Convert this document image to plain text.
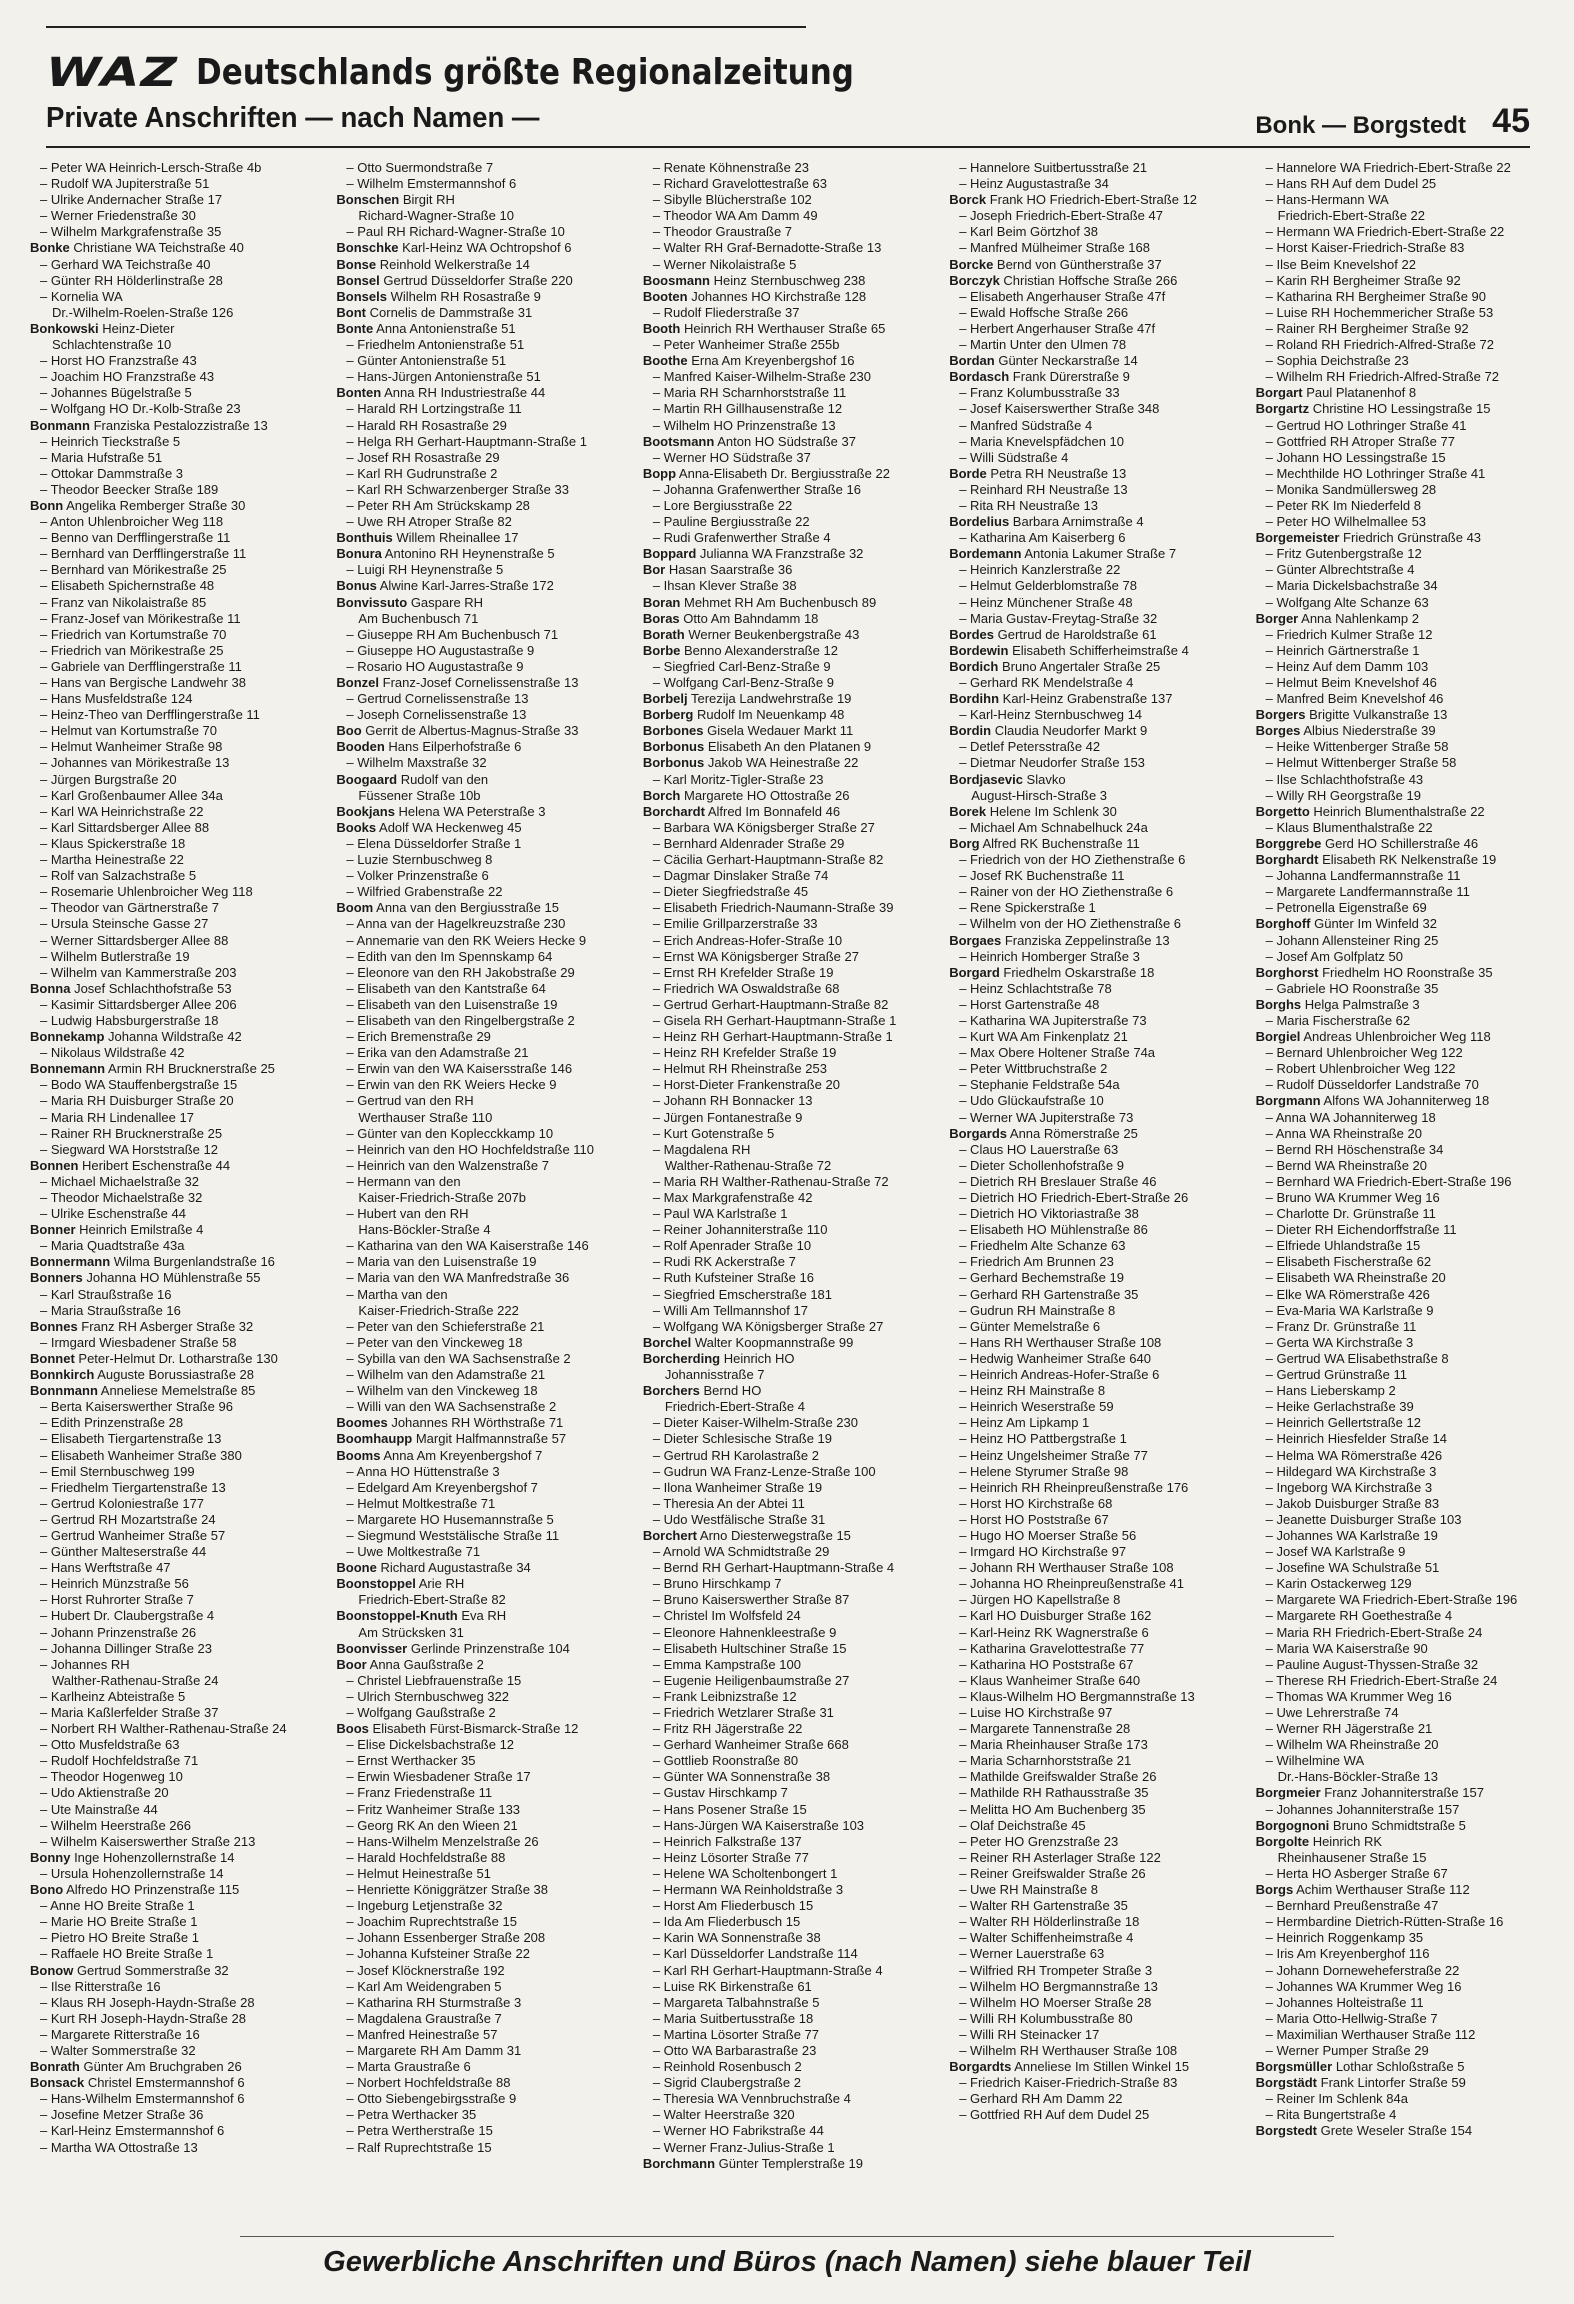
WAZ Deutschlands größte Regionalzeitung
Private Anschriften — nach Namen —	Bonk — Borgstedt 45
– Peter WA Heinrich-Lersch-Straße 4b
– Rudolf WA Jupiterstraße 51
– Ulrike Andernacher Straße 17
– Werner Friedenstraße 30
– Wilhelm Markgrafenstraße 35
Bonke Christiane WA Teichstraße 40
– Gerhard WA Teichstraße 40
– Günter RH Hölderlinstraße 28
– Kornelia WA
Dr.-Wilhelm-Roelen-Straße 126
Bonkowski Heinz-Dieter
Schlachtenstraße 10
– Horst HO Franzstraße 43
– Joachim HO Franzstraße 43
– Johannes Bügelstraße 5
– Wolfgang HO Dr.-Kolb-Straße 23
Bonmann Franziska Pestalozzistraße 13
– Heinrich Tieckstraße 5
– Maria Hufstraße 51
– Ottokar Dammstraße 3
– Theodor Beecker Straße 189
Bonn Angelika Remberger Straße 30
– Anton Uhlenbroicher Weg 118
– Benno van Derfflingerstraße 11
– Bernhard van Derfflingerstraße 11
– Bernhard van Mörikestraße 25
– Elisabeth Spichernstraße 48
– Franz van Nikolaistraße 85
– Franz-Josef van Mörikestraße 11
– Friedrich van Kortumstraße 70
– Friedrich van Mörikestraße 25
– Gabriele van Derfflingerstraße 11
– Hans van Bergische Landwehr 38
– Hans Musfeldstraße 124
– Heinz-Theo van Derfflingerstraße 11
– Helmut van Kortumstraße 70
– Helmut Wanheimer Straße 98
– Johannes van Mörikestraße 13
– Jürgen Burgstraße 20
– Karl Großenbaumer Allee 34a
– Karl WA Heinrichstraße 22
– Karl Sittardsberger Allee 88
– Klaus Spickerstraße 18
– Martha Heinestraße 22
– Rolf van Salzachstraße 5
– Rosemarie Uhlenbroicher Weg 118
– Theodor van Gärtnerstraße 7
– Ursula Steinsche Gasse 27
– Werner Sittardsberger Allee 88
– Wilhelm Butlerstraße 19
– Wilhelm van Kammerstraße 203
Bonna Josef Schlachthofstraße 53
– Kasimir Sittardsberger Allee 206
– Ludwig Habsburgerstraße 18
Bonnekamp Johanna Wildstraße 42
– Nikolaus Wildstraße 42
Bonnemann Armin RH Brucknerstraße 25
– Bodo WA Stauffenbergstraße 15
– Maria RH Duisburger Straße 20
– Maria RH Lindenallee 17
– Rainer RH Brucknerstraße 25
– Siegward WA Horststraße 12
Bonnen Heribert Eschenstraße 44
– Michael Michaelstraße 32
– Theodor Michaelstraße 32
– Ulrike Eschenstraße 44
Bonner Heinrich Emilstraße 4
– Maria Quadtstraße 43a
Bonnermann Wilma Burgenlandstraße 16
Bonners Johanna HO Mühlenstraße 55
– Karl Straußstraße 16
– Maria Straußstraße 16
Bonnes Franz RH Asberger Straße 32
– Irmgard Wiesbadener Straße 58
Bonnet Peter-Helmut Dr. Lotharstraße 130
Bonnkirch Auguste Borussiastraße 28
Bonnmann Anneliese Memelstraße 85
– Berta Kaiserswerther Straße 96
– Edith Prinzenstraße 28
– Elisabeth Tiergartenstraße 13
– Elisabeth Wanheimer Straße 380
– Emil Sternbuschweg 199
– Friedhelm Tiergartenstraße 13
– Gertrud Koloniestraße 177
– Gertrud RH Mozartstraße 24
– Gertrud Wanheimer Straße 57
– Günther Malteserstraße 44
– Hans Werftstraße 47
– Heinrich Münzstraße 56
– Horst Ruhrorter Straße 7
– Hubert Dr. Claubergstraße 4
– Johann Prinzenstraße 26
– Johanna Dillinger Straße 23
– Johannes RH
Walther-Rathenau-Straße 24
– Karlheinz Abteistraße 5
– Maria Kaßlerfelder Straße 37
– Norbert RH Walther-Rathenau-Straße 24
– Otto Musfeldstraße 63
– Rudolf Hochfeldstraße 71
– Theodor Hogenweg 10
– Udo Aktienstraße 20
– Ute Mainstraße 44
– Wilhelm Heerstraße 266
– Wilhelm Kaiserswerther Straße 213
Bonny Inge Hohenzollernstraße 14
– Ursula Hohenzollernstraße 14
Bono Alfredo HO Prinzenstraße 115
– Anne HO Breite Straße 1
– Marie HO Breite Straße 1
– Pietro HO Breite Straße 1
– Raffaele HO Breite Straße 1
Bonow Gertrud Sommerstraße 32
– Ilse Ritterstraße 16
– Klaus RH Joseph-Haydn-Straße 28
– Kurt RH Joseph-Haydn-Straße 28
– Margarete Ritterstraße 16
– Walter Sommerstraße 32
Bonrath Günter Am Bruchgraben 26
Bonsack Christel Emstermannshof 6
– Hans-Wilhelm Emstermannshof 6
– Josefine Metzer Straße 36
– Karl-Heinz Emstermannshof 6
– Martha WA Ottostraße 13
– Otto Suermondstraße 7
– Wilhelm Emstermannshof 6
Bonschen Birgit RH
Richard-Wagner-Straße 10
– Paul RH Richard-Wagner-Straße 10
Bonschke Karl-Heinz WA Ochtropshof 6
Bonse Reinhold Welkerstraße 14
Bonsel Gertrud Düsseldorfer Straße 220
Bonsels Wilhelm RH Rosastraße 9
Bont Cornelis de Dammstraße 31
Bonte Anna Antonienstraße 51
– Friedhelm Antonienstraße 51
– Günter Antonienstraße 51
– Hans-Jürgen Antonienstraße 51
Bonten Anna RH Industriestraße 44
– Harald RH Lortzingstraße 11
– Harald RH Rosastraße 29
– Helga RH Gerhart-Hauptmann-Straße 1
– Josef RH Rosastraße 29
– Karl RH Gudrunstraße 2
– Karl RH Schwarzenberger Straße 33
– Peter RH Am Strückskamp 28
– Uwe RH Atroper Straße 82
Bonthuis Willem Rheinallee 17
Bonura Antonino RH Heynenstraße 5
– Luigi RH Heynenstraße 5
Bonus Alwine Karl-Jarres-Straße 172
Bonvissuto Gaspare RH
Am Buchenbusch 71
– Giuseppe RH Am Buchenbusch 71
– Giuseppe HO Augustastraße 9
– Rosario HO Augustastraße 9
Bonzel Franz-Josef Cornelissenstraße 13
– Gertrud Cornelissenstraße 13
– Joseph Cornelissenstraße 13
Boo Gerrit de Albertus-Magnus-Straße 33
Booden Hans Eilperhofstraße 6
– Wilhelm Maxstraße 32
Boogaard Rudolf van den
Füssener Straße 10b
Bookjans Helena WA Peterstraße 3
Books Adolf WA Heckenweg 45
– Elena Düsseldorfer Straße 1
– Luzie Sternbuschweg 8
– Volker Prinzenstraße 6
– Wilfried Grabenstraße 22
Boom Anna van den Bergiusstraße 15
– Anna van der Hagelkreuzstraße 230
– Annemarie van den RK Weiers Hecke 9
– Edith van den Im Spennskamp 64
– Eleonore van den RH Jakobstraße 29
– Elisabeth van den Kantstraße 64
– Elisabeth van den Luisenstraße 19
– Elisabeth van den Ringelbergstraße 2
– Erich Bremenstraße 29
– Erika van den Adamstraße 21
– Erwin van den WA Kaisersstraße 146
– Erwin van den RK Weiers Hecke 9
– Gertrud van den RH
Werthauser Straße 110
– Günter van den Koplecckkamp 10
– Heinrich van den HO Hochfeldstraße 110
– Heinrich van den Walzenstraße 7
– Hermann van den
Kaiser-Friedrich-Straße 207b
– Hubert van den RH
Hans-Böckler-Straße 4
– Katharina van den WA Kaiserstraße 146
– Maria van den Luisenstraße 19
– Maria van den WA Manfredstraße 36
– Martha van den
Kaiser-Friedrich-Straße 222
– Peter van den Schieferstraße 21
– Peter van den Vinckeweg 18
– Sybilla van den WA Sachsenstraße 2
– Wilhelm van den Adamstraße 21
– Wilhelm van den Vinckeweg 18
– Willi van den WA Sachsenstraße 2
Boomes Johannes RH Wörthstraße 71
Boomhaupp Margit Halfmannstraße 57
Booms Anna Am Kreyenbergshof 7
– Anna HO Hüttenstraße 3
– Edelgard Am Kreyenbergshof 7
– Helmut Moltkestraße 71
– Margarete HO Husemannstraße 5
– Siegmund Weststälische Straße 11
– Uwe Moltkestraße 71
Boone Richard Augustastraße 34
Boonstoppel Arie RH
Friedrich-Ebert-Straße 82
Boonstoppel-Knuth Eva RH
Am Strücksken 31
Boonvisser Gerlinde Prinzenstraße 104
Boor Anna Gaußstraße 2
– Christel Liebfrauenstraße 15
– Ulrich Sternbuschweg 322
– Wolfgang Gaußstraße 2
Boos Elisabeth Fürst-Bismarck-Straße 12
– Elise Dickelsbachstraße 12
– Ernst Werthacker 35
– Erwin Wiesbadener Straße 17
– Franz Friedenstraße 11
– Fritz Wanheimer Straße 133
– Georg RK An den Wieen 21
– Hans-Wilhelm Menzelstraße 26
– Harald Hochfeldstraße 88
– Helmut Heinestraße 51
– Henriette Königgrätzer Straße 38
– Ingeburg Letjenstraße 32
– Joachim Ruprechtstraße 15
– Johann Essenberger Straße 208
– Johanna Kufsteiner Straße 22
– Josef Klöcknerstraße 192
– Karl Am Weidengraben 5
– Katharina RH Sturmstraße 3
– Magdalena Graustraße 7
– Manfred Heinestraße 57
– Margarete RH Am Damm 31
– Marta Graustraße 6
– Norbert Hochfeldstraße 88
– Otto Siebengebirgsstraße 9
– Petra Werthacker 35
– Petra Wertherstraße 15
– Ralf Ruprechtstraße 15
– Renate Köhnenstraße 23
– Richard Gravelottestraße 63
– Sibylle Blücherstraße 102
– Theodor WA Am Damm 49
– Theodor Graustraße 7
– Walter RH Graf-Bernadotte-Straße 13
– Werner Nikolaistraße 5
Boosmann Heinz Sternbuschweg 238
Booten Johannes HO Kirchstraße 128
– Rudolf Fliederstraße 37
Booth Heinrich RH Werthauser Straße 65
– Peter Wanheimer Straße 255b
Boothe Erna Am Kreyenbergshof 16
– Manfred Kaiser-Wilhelm-Straße 230
– Maria RH Scharnhorststraße 11
– Martin RH Gillhausenstraße 12
– Wilhelm HO Prinzenstraße 13
Bootsmann Anton HO Südstraße 37
– Werner HO Südstraße 37
Bopp Anna-Elisabeth Dr. Bergiusstraße 22
– Johanna Grafenwerther Straße 16
– Lore Bergiusstraße 22
– Pauline Bergiusstraße 22
– Rudi Grafenwerther Straße 4
Boppard Julianna WA Franzstraße 32
Bor Hasan Saarstraße 36
– Ihsan Klever Straße 38
Boran Mehmet RH Am Buchenbusch 89
Boras Otto Am Bahndamm 18
Borath Werner Beukenbergstraße 43
Borbe Benno Alexanderstraße 12
– Siegfried Carl-Benz-Straße 9
– Wolfgang Carl-Benz-Straße 9
Borbelj Terezija Landwehrstraße 19
Borberg Rudolf Im Neuenkamp 48
Borbones Gisela Wedauer Markt 11
Borbonus Elisabeth An den Platanen 9
Borbonus Jakob WA Heinestraße 22
– Karl Moritz-Tigler-Straße 23
Borch Margarete HO Ottostraße 26
Borchardt Alfred Im Bonnafeld 46
– Barbara WA Königsberger Straße 27
– Bernhard Aldenrader Straße 29
– Cäcilia Gerhart-Hauptmann-Straße 82
– Dagmar Dinslaker Straße 74
– Dieter Siegfriedstraße 45
– Elisabeth Friedrich-Naumann-Straße 39
– Emilie Grillparzerstraße 33
– Erich Andreas-Hofer-Straße 10
– Ernst WA Königsberger Straße 27
– Ernst RH Krefelder Straße 19
– Friedrich WA Oswaldstraße 68
– Gertrud Gerhart-Hauptmann-Straße 82
– Gisela RH Gerhart-Hauptmann-Straße 1
– Heinz RH Gerhart-Hauptmann-Straße 1
– Heinz RH Krefelder Straße 19
– Helmut RH Rheinstraße 253
– Horst-Dieter Frankenstraße 20
– Johann RH Bonnacker 13
– Jürgen Fontanestraße 9
– Kurt Gotenstraße 5
– Magdalena RH
Walther-Rathenau-Straße 72
– Maria RH Walther-Rathenau-Straße 72
– Max Markgrafenstraße 42
– Paul WA Karlstraße 1
– Reiner Johanniterstraße 110
– Rolf Apenrader Straße 10
– Rudi RK Ackerstraße 7
– Ruth Kufsteiner Straße 16
– Siegfried Emscherstraße 181
– Willi Am Tellmannshof 17
– Wolfgang WA Königsberger Straße 27
Borchel Walter Koopmannstraße 99
Borcherding Heinrich HO
Johannisstraße 7
Borchers Bernd HO
Friedrich-Ebert-Straße 4
– Dieter Kaiser-Wilhelm-Straße 230
– Dieter Schlesische Straße 19
– Gertrud RH Karolastraße 2
– Gudrun WA Franz-Lenze-Straße 100
– Ilona Wanheimer Straße 19
– Theresia An der Abtei 11
– Udo Westfälische Straße 31
Borchert Arno Diesterwegstraße 15
– Arnold WA Schmidtstraße 29
– Bernd RH Gerhart-Hauptmann-Straße 4
– Bruno Hirschkamp 7
– Bruno Kaiserswerther Straße 87
– Christel Im Wolfsfeld 24
– Eleonore Hahnenkleestraße 9
– Elisabeth Hultschiner Straße 15
– Emma Kampstraße 100
– Eugenie Heiligenbaumstraße 27
– Frank Leibnizstraße 12
– Friedrich Wetzlarer Straße 31
– Fritz RH Jägerstraße 22
– Gerhard Wanheimer Straße 668
– Gottlieb Roonstraße 80
– Günter WA Sonnenstraße 38
– Gustav Hirschkamp 7
– Hans Posener Straße 15
– Hans-Jürgen WA Kaiserstraße 103
– Heinrich Falkstraße 137
– Heinz Lösorter Straße 77
– Helene WA Scholtenbongert 1
– Hermann WA Reinholdstraße 3
– Horst Am Fliederbusch 15
– Ida Am Fliederbusch 15
– Karin WA Sonnenstraße 38
– Karl Düsseldorfer Landstraße 114
– Karl RH Gerhart-Hauptmann-Straße 4
– Luise RK Birkenstraße 61
– Margareta Talbahnstraße 5
– Maria Suitbertusstraße 18
– Martina Lösorter Straße 77
– Otto WA Barbarastraße 23
– Reinhold Rosenbusch 2
– Sigrid Claubergstraße 2
– Theresia WA Vennbruchstraße 4
– Walter Heerstraße 320
– Werner HO Fabrikstraße 44
– Werner Franz-Julius-Straße 1
Borchmann Günter Templerstraße 19
– Hannelore Suitbertusstraße 21
– Heinz Augustastraße 34
Borck Frank HO Friedrich-Ebert-Straße 12
– Joseph Friedrich-Ebert-Straße 47
– Karl Beim Görtzhof 38
– Manfred Mülheimer Straße 168
Borcke Bernd von Güntherstraße 37
Borczyk Christian Hoffsche Straße 266
– Elisabeth Angerhauser Straße 47f
– Ewald Hoffsche Straße 266
– Herbert Angerhauser Straße 47f
– Martin Unter den Ulmen 78
Bordan Günter Neckarstraße 14
Bordasch Frank Dürerstraße 9
– Franz Kolumbusstraße 33
– Josef Kaiserswerther Straße 348
– Manfred Südstraße 4
– Maria Knevelspfädchen 10
– Willi Südstraße 4
Borde Petra RH Neustraße 13
– Reinhard RH Neustraße 13
– Rita RH Neustraße 13
Bordelius Barbara Arnimstraße 4
– Katharina Am Kaiserberg 6
Bordemann Antonia Lakumer Straße 7
– Heinrich Kanzlerstraße 22
– Helmut Gelderblomstraße 78
– Heinz Münchener Straße 48
– Maria Gustav-Freytag-Straße 32
Bordes Gertrud de Haroldstraße 61
Bordewin Elisabeth Schifferheimstraße 4
Bordich Bruno Angertaler Straße 25
– Gerhard RK Mendelstraße 4
Bordihn Karl-Heinz Grabenstraße 137
– Karl-Heinz Sternbuschweg 14
Bordin Claudia Neudorfer Markt 9
– Detlef Petersstraße 42
– Dietmar Neudorfer Straße 153
Bordjasevic Slavko
August-Hirsch-Straße 3
Borek Helene Im Schlenk 30
– Michael Am Schnabelhuck 24a
Borg Alfred RK Buchenstraße 11
– Friedrich von der HO Ziethenstraße 6
– Josef RK Buchenstraße 11
– Rainer von der HO Ziethenstraße 6
– Rene Spickerstraße 1
– Wilhelm von der HO Ziethenstraße 6
Borgaes Franziska Zeppelinstraße 13
– Heinrich Homberger Straße 3
Borgard Friedhelm Oskarstraße 18
– Heinz Schlachtstraße 78
– Horst Gartenstraße 48
– Katharina WA Jupiterstraße 73
– Kurt WA Am Finkenplatz 21
– Max Obere Holtener Straße 74a
– Peter Wittbruchstraße 2
– Stephanie Feldstraße 54a
– Udo Glückaufstraße 10
– Werner WA Jupiterstraße 73
Borgards Anna Römerstraße 25
– Claus HO Lauerstraße 63
– Dieter Schollenhofstraße 9
– Dietrich RH Breslauer Straße 46
– Dietrich HO Friedrich-Ebert-Straße 26
– Dietrich HO Viktoriastraße 38
– Elisabeth HO Mühlenstraße 86
– Friedhelm Alte Schanze 63
– Friedrich Am Brunnen 23
– Gerhard Bechemstraße 19
– Gerhard RH Gartenstraße 35
– Gudrun RH Mainstraße 8
– Günter Memelstraße 6
– Hans RH Werthauser Straße 108
– Hedwig Wanheimer Straße 640
– Heinrich Andreas-Hofer-Straße 6
– Heinz RH Mainstraße 8
– Heinrich Weserstraße 59
– Heinz Am Lipkamp 1
– Heinz HO Pattbergstraße 1
– Heinz Ungelsheimer Straße 77
– Helene Styrumer Straße 98
– Heinrich RH Rheinpreußenstraße 176
– Horst HO Kirchstraße 68
– Horst HO Poststraße 67
– Hugo HO Moerser Straße 56
– Irmgard HO Kirchstraße 97
– Johann RH Werthauser Straße 108
– Johanna HO Rheinpreußenstraße 41
– Jürgen HO Kapellstraße 8
– Karl HO Duisburger Straße 162
– Karl-Heinz RK Wagnerstraße 6
– Katharina Gravelottestraße 77
– Katharina HO Poststraße 67
– Klaus Wanheimer Straße 640
– Klaus-Wilhelm HO Bergmannstraße 13
– Luise HO Kirchstraße 97
– Margarete Tannenstraße 28
– Maria Rheinhauser Straße 173
– Maria Scharnhorststraße 21
– Mathilde Greifswalder Straße 26
– Mathilde RH Rathausstraße 35
– Melitta HO Am Buchenberg 35
– Olaf Deichstraße 45
– Peter HO Grenzstraße 23
– Reiner RH Asterlager Straße 122
– Reiner Greifswalder Straße 26
– Uwe RH Mainstraße 8
– Walter RH Gartenstraße 35
– Walter RH Hölderlinstraße 18
– Walter Schiffenheimstraße 4
– Werner Lauerstraße 63
– Wilfried RH Trompeter Straße 3
– Wilhelm HO Bergmannstraße 13
– Wilhelm HO Moerser Straße 28
– Willi RH Kolumbusstraße 80
– Willi RH Steinacker 17
– Wilhelm RH Werthauser Straße 108
Borgardts Anneliese Im Stillen Winkel 15
– Friedrich Kaiser-Friedrich-Straße 83
– Gerhard RH Am Damm 22
– Gottfried RH Auf dem Dudel 25
– Hannelore WA Friedrich-Ebert-Straße 22
– Hans RH Auf dem Dudel 25
– Hans-Hermann WA
Friedrich-Ebert-Straße 22
– Hermann WA Friedrich-Ebert-Straße 22
– Horst Kaiser-Friedrich-Straße 83
– Ilse Beim Knevelshof 22
– Karin RH Bergheimer Straße 92
– Katharina RH Bergheimer Straße 90
– Luise RH Hochemmericher Straße 53
– Rainer RH Bergheimer Straße 92
– Roland RH Friedrich-Alfred-Straße 72
– Sophia Deichstraße 23
– Wilhelm RH Friedrich-Alfred-Straße 72
Borgart Paul Platanenhof 8
Borgartz Christine HO Lessingstraße 15
– Gertrud HO Lothringer Straße 41
– Gottfried RH Atroper Straße 77
– Johann HO Lessingstraße 15
– Mechthilde HO Lothringer Straße 41
– Monika Sandmüllersweg 28
– Peter RK Im Niederfeld 8
– Peter HO Wilhelmallee 53
Borgemeister Friedrich Grünstraße 43
– Fritz Gutenbergstraße 12
– Günter Albrechtstraße 4
– Maria Dickelsbachstraße 34
– Wolfgang Alte Schanze 63
Borger Anna Nahlenkamp 2
– Friedrich Kulmer Straße 12
– Heinrich Gärtnerstraße 1
– Heinz Auf dem Damm 103
– Helmut Beim Knevelshof 46
– Manfred Beim Knevelshof 46
Borgers Brigitte Vulkanstraße 13
Borges Albius Niederstraße 39
– Heike Wittenberger Straße 58
– Helmut Wittenberger Straße 58
– Ilse Schlachthofstraße 43
– Willy RH Georgstraße 19
Borgetto Heinrich Blumenthalstraße 22
– Klaus Blumenthalstraße 22
Borggrebe Gerd HO Schillerstraße 46
Borghardt Elisabeth RK Nelkenstraße 19
– Johanna Landfermannstraße 11
– Margarete Landfermannstraße 11
– Petronella Eigenstraße 69
Borghoff Günter Im Winfeld 32
– Johann Allensteiner Ring 25
– Josef Am Golfplatz 50
Borghorst Friedhelm HO Roonstraße 35
– Gabriele HO Roonstraße 35
Borghs Helga Palmstraße 3
– Maria Fischerstraße 62
Borgiel Andreas Uhlenbroicher Weg 118
– Bernard Uhlenbroicher Weg 122
– Robert Uhlenbroicher Weg 122
– Rudolf Düsseldorfer Landstraße 70
Borgmann Alfons WA Johanniterweg 18
– Anna WA Johanniterweg 18
– Anna WA Rheinstraße 20
– Bernd RH Höschenstraße 34
– Bernd WA Rheinstraße 20
– Bernhard WA Friedrich-Ebert-Straße 196
– Bruno WA Krummer Weg 16
– Charlotte Dr. Grünstraße 11
– Dieter RH Eichendorffstraße 11
– Elfriede Uhlandstraße 15
– Elisabeth Fischerstraße 62
– Elisabeth WA Rheinstraße 20
– Elke WA Römerstraße 426
– Eva-Maria WA Karlstraße 9
– Franz Dr. Grünstraße 11
– Gerta WA Kirchstraße 3
– Gertrud WA Elisabethstraße 8
– Gertrud Grünstraße 11
– Hans Lieberskamp 2
– Heike Gerlachstraße 39
– Heinrich Gellertstraße 12
– Heinrich Hiesfelder Straße 14
– Helma WA Römerstraße 426
– Hildegard WA Kirchstraße 3
– Ingeborg WA Kirchstraße 3
– Jakob Duisburger Straße 83
– Jeanette Duisburger Straße 103
– Johannes WA Karlstraße 19
– Josef WA Karlstraße 9
– Josefine WA Schulstraße 51
– Karin Ostackerweg 129
– Margarete WA Friedrich-Ebert-Straße 196
– Margarete RH Goethestraße 4
– Maria RH Friedrich-Ebert-Straße 24
– Maria WA Kaiserstraße 90
– Pauline August-Thyssen-Straße 32
– Therese RH Friedrich-Ebert-Straße 24
– Thomas WA Krummer Weg 16
– Uwe Lehrerstraße 74
– Werner RH Jägerstraße 21
– Wilhelm WA Rheinstraße 20
– Wilhelmine WA
Dr.-Hans-Böckler-Straße 13
Borgmeier Franz Johanniterstraße 157
– Johannes Johanniterstraße 157
Borgognoni Bruno Schmidtstraße 5
Borgolte Heinrich RK
Rheinhausener Straße 15
– Herta HO Asberger Straße 67
Borgs Achim Werthauser Straße 112
– Bernhard Preußenstraße 47
– Hermbardine Dietrich-Rütten-Straße 16
– Heinrich Roggenkamp 35
– Iris Am Kreyenberghof 116
– Johann Dorneweheferstraße 22
– Johannes WA Krummer Weg 16
– Johannes Holteistraße 11
– Maria Otto-Hellwig-Straße 7
– Maximilian Werthauser Straße 112
– Werner Pumper Straße 29
Borgsmüller Lothar Schloßstraße 5
Borgstädt Frank Lintorfer Straße 59
– Reiner Im Schlenk 84a
– Rita Bungertstraße 4
Borgstedt Grete Weseler Straße 154
Gewerbliche Anschriften und Büros (nach Namen) siehe blauer Teil
